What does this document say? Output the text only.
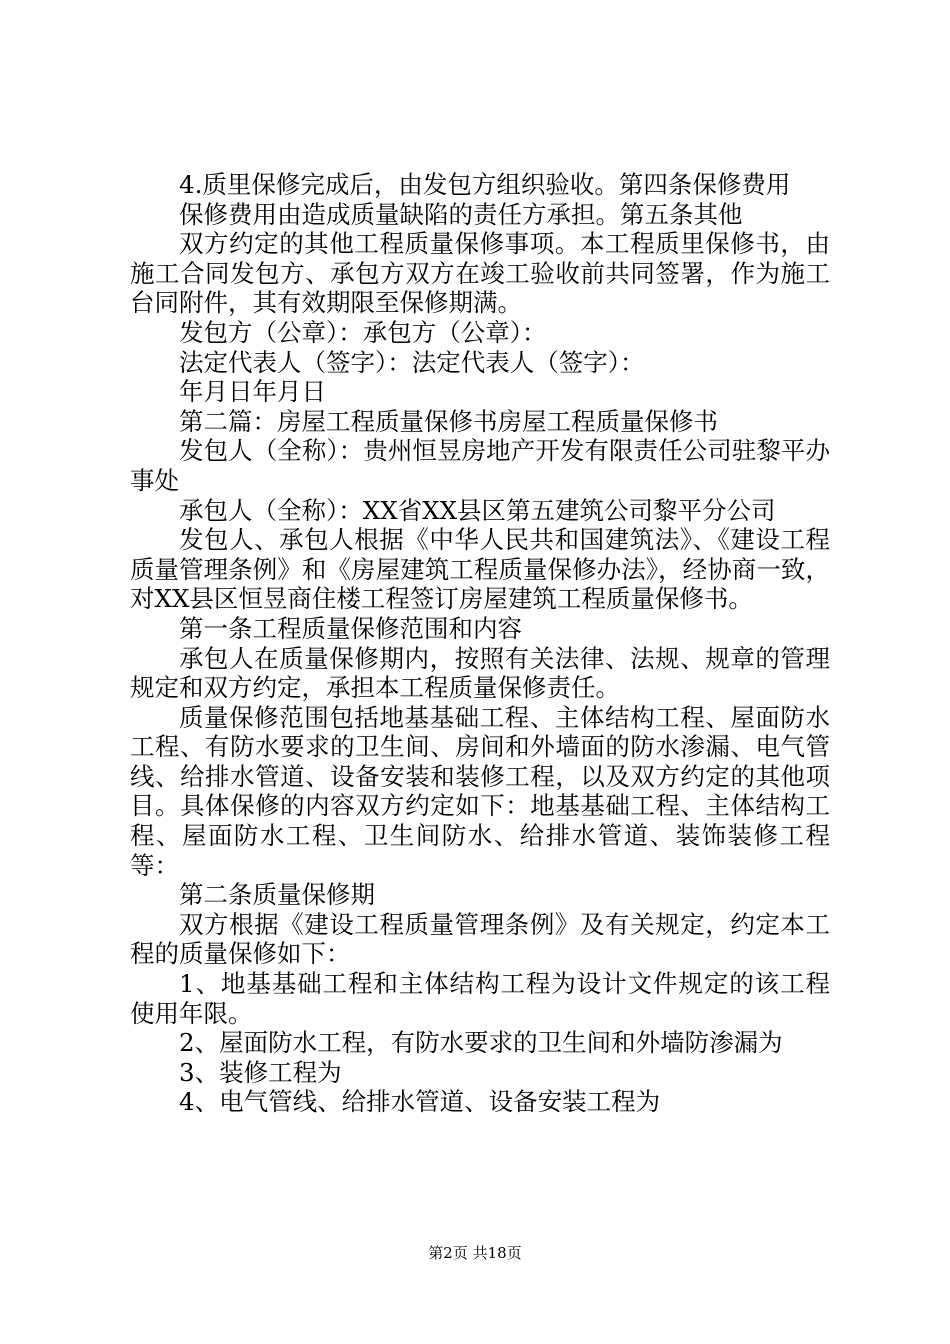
4.质里保修完成后，由发包方组织验收。第四条保修费用

保修费用由造成质量缺陷的责任方承担。第五条其他

双方约定的其他工程质量保修事项。本工程质里保修书，由施工合同发包方、承包方双方在竣工验收前共同签署，作为施工台同附件，其有效期限至保修期满。

发包方（公章）：承包方（公章）：

法定代表人（签字）：法定代表人（签字）：

年月日年月日

第二篇：房屋工程质量保修书房屋工程质量保修书

发包人（全称）：贵州恒昱房地产开发有限责任公司驻黎平办事处

承包人（全称）：XX省XX县区第五建筑公司黎平分公司

发包人、承包人根据《中华人民共和国建筑法》、《建设工程质量管理条例》和《房屋建筑工程质量保修办法》，经协商一致，对XX县区恒昱商住楼工程签订房屋建筑工程质量保修书。

第一条工程质量保修范围和内容

承包人在质量保修期内，按照有关法律、法规、规章的管理规定和双方约定，承担本工程质量保修责任。

质量保修范围包括地基基础工程、主体结构工程、屋面防水工程、有防水要求的卫生间、房间和外墙面的防水渗漏、电气管线、给排水管道、设备安装和装修工程，以及双方约定的其他项目。具体保修的内容双方约定如下：地基基础工程、主体结构工程、屋面防水工程、卫生间防水、给排水管道、装饰装修工程等：

第二条质量保修期

双方根据《建设工程质量管理条例》及有关规定，约定本工程的质量保修如下：

1、地基基础工程和主体结构工程为设计文件规定的该工程使用年限。

2、屋面防水工程，有防水要求的卫生间和外墙防渗漏为

3、装修工程为

4、电气管线、给排水管道、设备安装工程为

第2页 共18页
